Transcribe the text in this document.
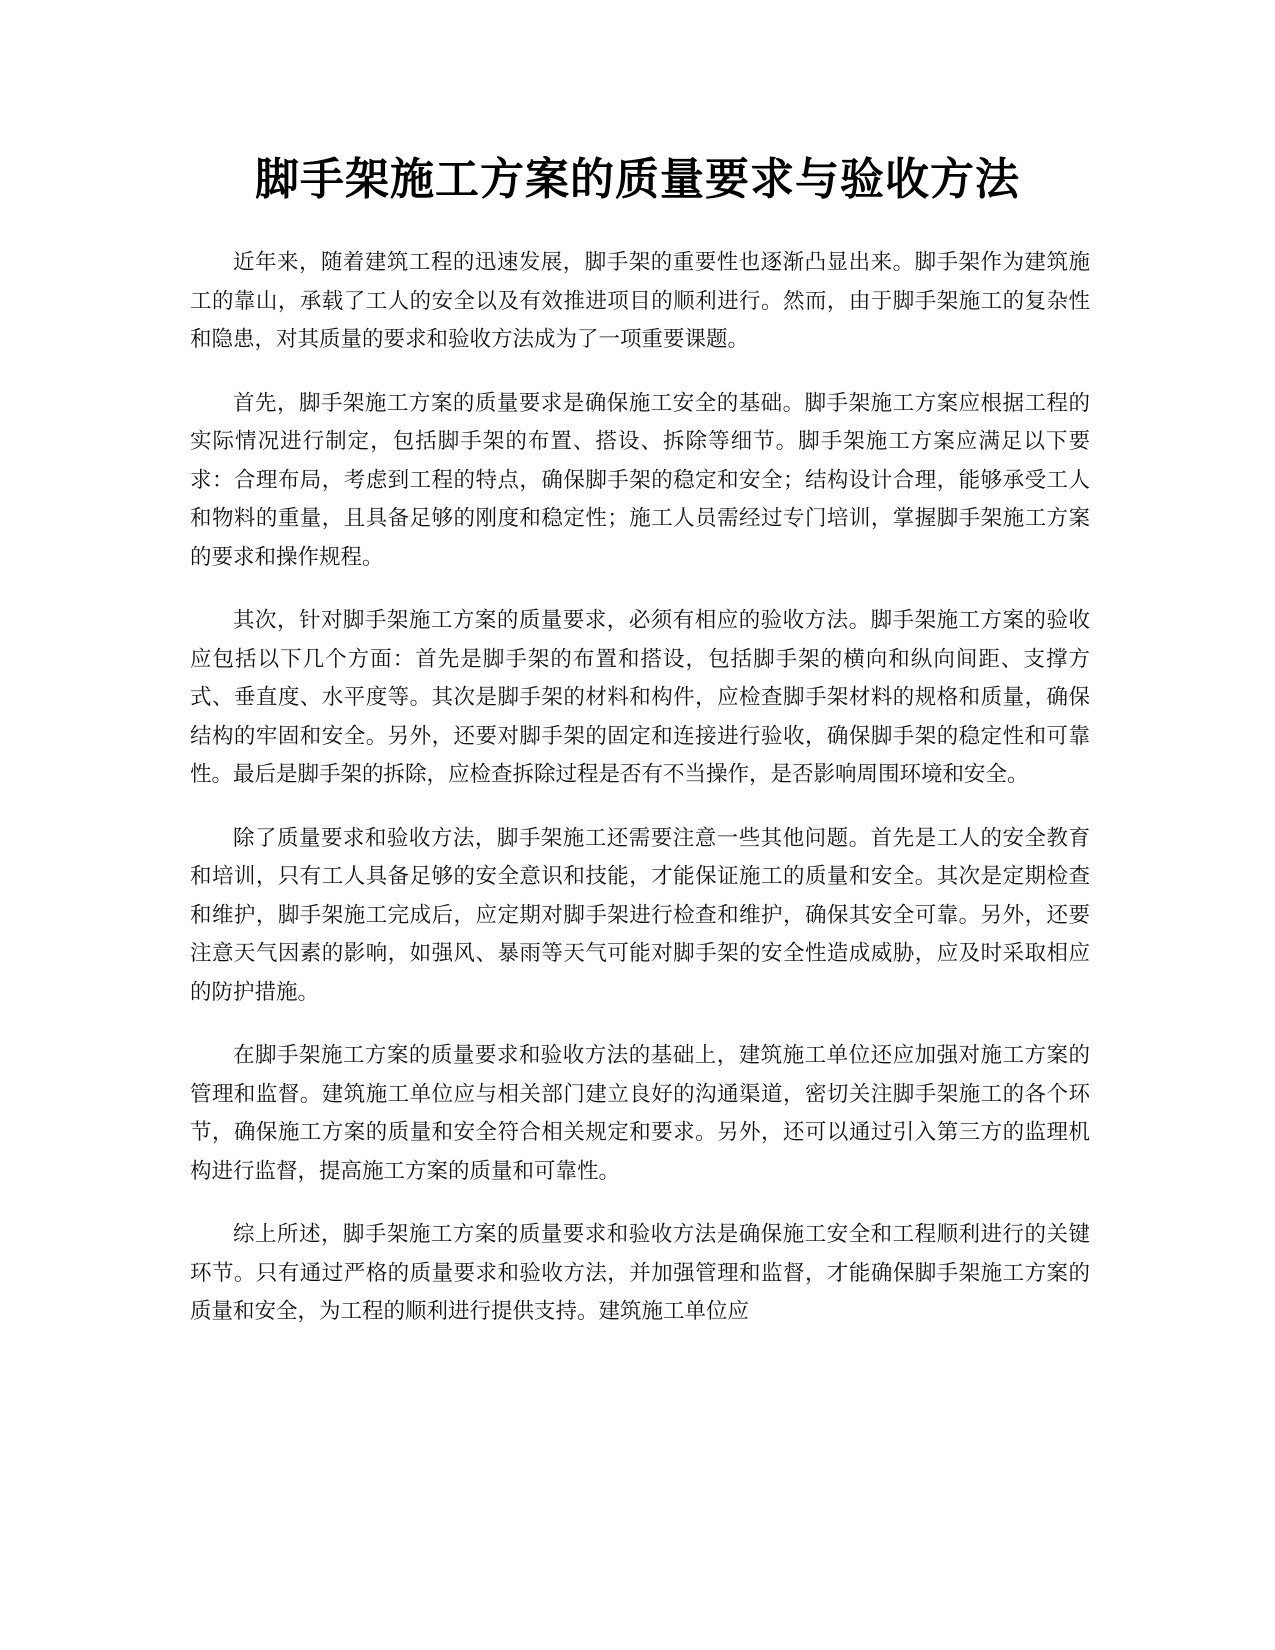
脚手架施工方案的质量要求与验收方法

近年来，随着建筑工程的迅速发展，脚手架的重要性也逐渐凸显出来。脚手架作为建筑施工的靠山，承载了工人的安全以及有效推进项目的顺利进行。然而，由于脚手架施工的复杂性和隐患，对其质量的要求和验收方法成为了一项重要课题。

首先，脚手架施工方案的质量要求是确保施工安全的基础。脚手架施工方案应根据工程的实际情况进行制定，包括脚手架的布置、搭设、拆除等细节。脚手架施工方案应满足以下要求：合理布局，考虑到工程的特点，确保脚手架的稳定和安全；结构设计合理，能够承受工人和物料的重量，且具备足够的刚度和稳定性；施工人员需经过专门培训，掌握脚手架施工方案的要求和操作规程。

其次，针对脚手架施工方案的质量要求，必须有相应的验收方法。脚手架施工方案的验收应包括以下几个方面：首先是脚手架的布置和搭设，包括脚手架的横向和纵向间距、支撑方式、垂直度、水平度等。其次是脚手架的材料和构件，应检查脚手架材料的规格和质量，确保结构的牢固和安全。另外，还要对脚手架的固定和连接进行验收，确保脚手架的稳定性和可靠性。最后是脚手架的拆除，应检查拆除过程是否有不当操作，是否影响周围环境和安全。

除了质量要求和验收方法，脚手架施工还需要注意一些其他问题。首先是工人的安全教育和培训，只有工人具备足够的安全意识和技能，才能保证施工的质量和安全。其次是定期检查和维护，脚手架施工完成后，应定期对脚手架进行检查和维护，确保其安全可靠。另外，还要注意天气因素的影响，如强风、暴雨等天气可能对脚手架的安全性造成威胁，应及时采取相应的防护措施。

在脚手架施工方案的质量要求和验收方法的基础上，建筑施工单位还应加强对施工方案的管理和监督。建筑施工单位应与相关部门建立良好的沟通渠道，密切关注脚手架施工的各个环节，确保施工方案的质量和安全符合相关规定和要求。另外，还可以通过引入第三方的监理机构进行监督，提高施工方案的质量和可靠性。

综上所述，脚手架施工方案的质量要求和验收方法是确保施工安全和工程顺利进行的关键环节。只有通过严格的质量要求和验收方法，并加强管理和监督，才能确保脚手架施工方案的质量和安全，为工程的顺利进行提供支持。建筑施工单位应
